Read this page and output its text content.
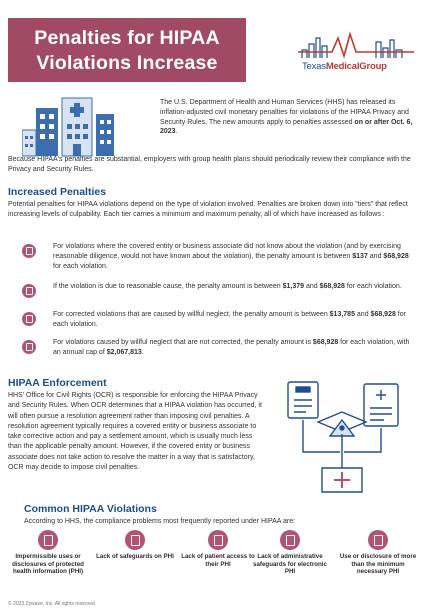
Penalties for HIPAA
Violations Increase	TexasMedicalGroup
The U.S. Department of Health and Human Services (HHS) has released its inflation-adjusted civil monetary penalties for violations of the HIPAA Privacy and Security Rules. The new amounts apply to penalties assessed on or after Oct. 6, 2023.
Because HIPAA's penalties are substantial, employers with group health plans should periodically review their compliance with the Privacy and Security Rules.
Increased Penalties
Potential penalties for HIPAA violations depend on the type of violation involved. Penalties are broken down into “tiers” that reflect increasing levels of culpability. Each tier carries a minimum and maximum penalty, all of which have increased as follows :
For violations where the covered entity or business associate did not know about the violation (and by exercising reasonable diligence, would not have known about the violation), the penalty amount is between $137 and $68,928 for each violation.
If the violation is due to reasonable cause, the penalty amount is between $1,379 and $68,928 for each violation.
For corrected violations that are caused by willful neglect, the penalty amount is between $13,785 and $68,928 for each violation.
For violations caused by willful neglect that are not corrected, the penalty amount is $68,928 for each violation, with an annual cap of $2,067,813.
HIPAA Enforcement
HHS' Office for Civil Rights (OCR) is responsible for enforcing the HIPAA Privacy and Security Rules. When OCR determines that a HIPAA violation has occurred, it will often pursue a resolution agreement rather than imposing civil penalties. A resolution agreement typically requires a covered entity or business associate to take corrective action and pay a settlement amount, which is usually much less than the applicable penalty amount. However, if the covered entity or business associate does not take action to resolve the matter in a way that is satisfactory, OCR may decide to impose civil penalties.
Common HIPAA Violations
According to HHS, the compliance problems most frequently reported under HIPAA are:
Impermissible uses or disclosures of protected health information (PHI)
Lack of safeguards on PHI	Lack of patient access to their PHI
Lack of administrative safeguards for electronic PHI
Use or disclosure of more than the minimum necessary PHI
© 2023 Zywave, Inc. All rights reserved.
